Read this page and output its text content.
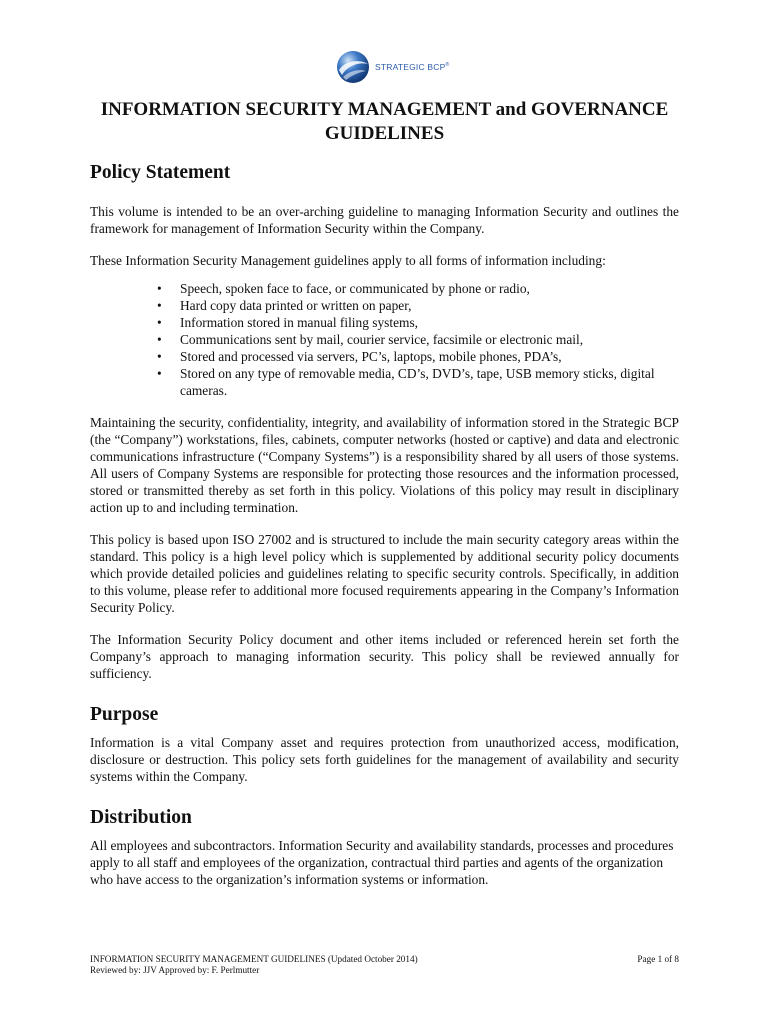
STRATEGIC BCP®
INFORMATION SECURITY MANAGEMENT and GOVERNANCE
GUIDELINES
Policy Statement

This volume is intended to be an over-arching guideline to managing Information Security and outlines the framework for management of Information Security within the Company.

These Information Security Management guidelines apply to all forms of information including:

• Speech, spoken face to face, or communicated by phone or radio,
• Hard copy data printed or written on paper,
• Information stored in manual filing systems,
• Communications sent by mail, courier service, facsimile or electronic mail,
• Stored and processed via servers, PC’s, laptops, mobile phones, PDA’s,
• Stored on any type of removable media, CD’s, DVD’s, tape, USB memory sticks, digital cameras.

Maintaining the security, confidentiality, integrity, and availability of information stored in the Strategic BCP (the “Company”) workstations, files, cabinets, computer networks (hosted or captive) and data and electronic communications infrastructure (“Company Systems”) is a responsibility shared by all users of those systems. All users of Company Systems are responsible for protecting those resources and the information processed, stored or transmitted thereby as set forth in this policy. Violations of this policy may result in disciplinary action up to and including termination.

This policy is based upon ISO 27002 and is structured to include the main security category areas within the standard. This policy is a high level policy which is supplemented by additional security policy documents which provide detailed policies and guidelines relating to specific security controls. Specifically, in addition to this volume, please refer to additional more focused requirements appearing in the Company’s Information Security Policy.

The Information Security Policy document and other items included or referenced herein set forth the Company’s approach to managing information security. This policy shall be reviewed annually for sufficiency.

Purpose

Information is a vital Company asset and requires protection from unauthorized access, modification, disclosure or destruction. This policy sets forth guidelines for the management of availability and security systems within the Company.

Distribution

All employees and subcontractors. Information Security and availability standards, processes and procedures apply to all staff and employees of the organization, contractual third parties and agents of the organization who have access to the organization’s information systems or information.

INFORMATION SECURITY MANAGEMENT GUIDELINES (Updated October 2014)
Reviewed by: JJV Approved by: F. Perlmutter
Page 1 of 8
